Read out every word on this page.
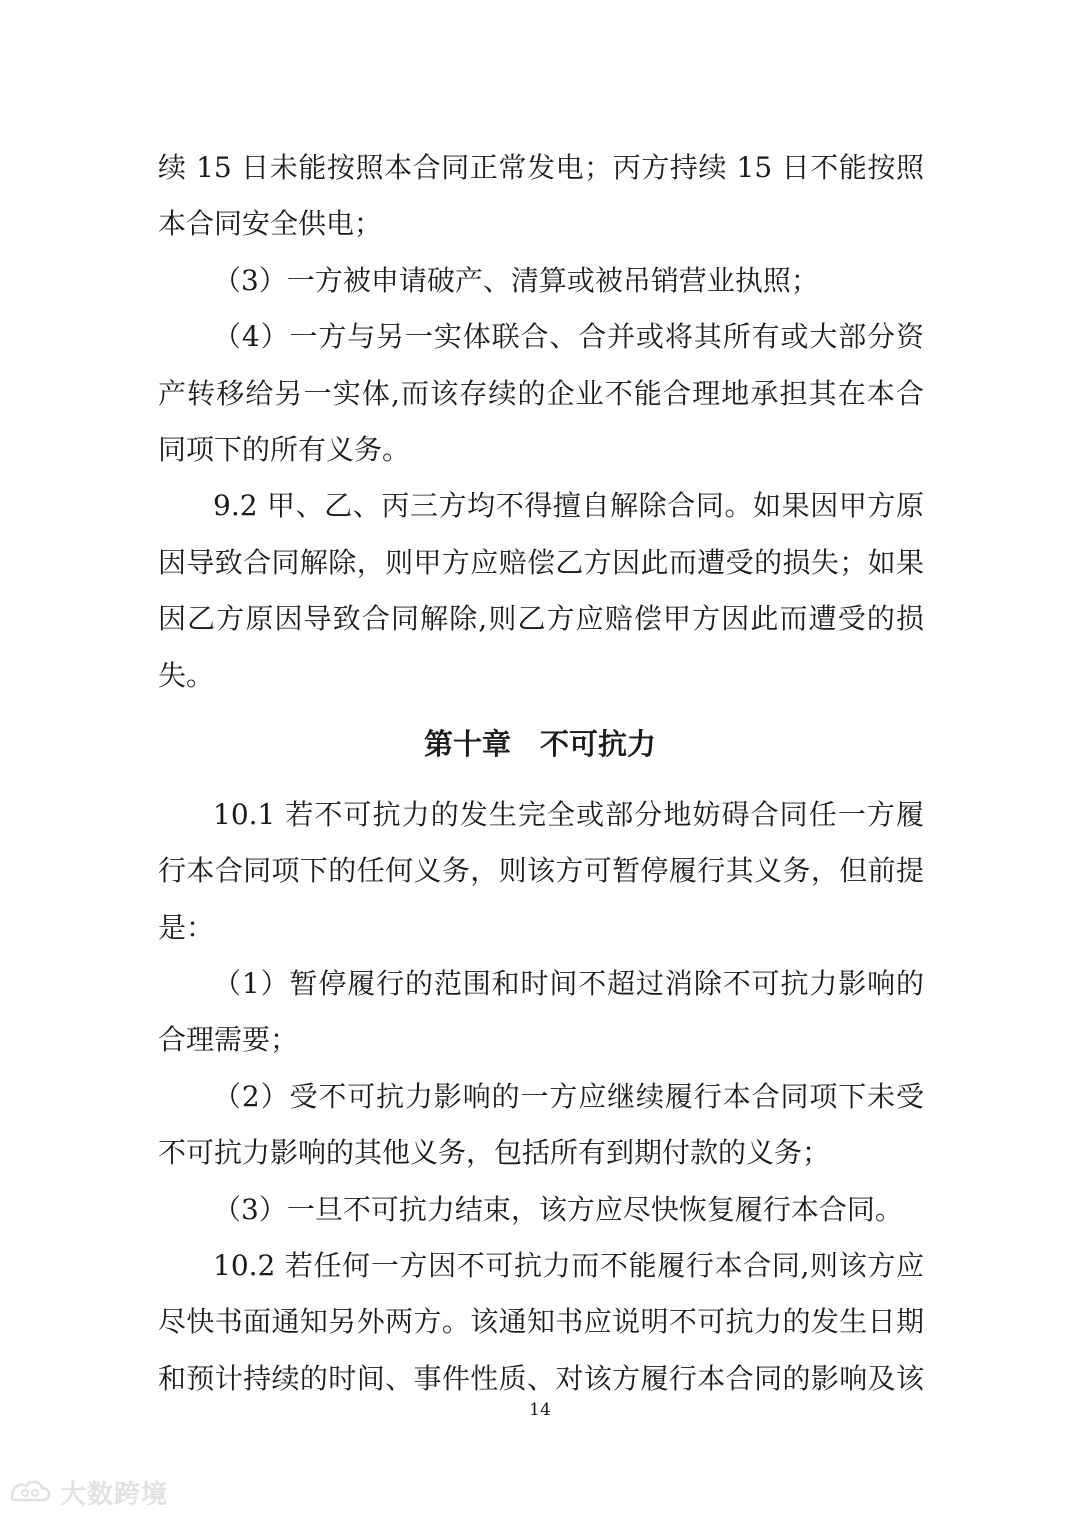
续 15 日未能按照本合同正常发电；丙方持续 15 日不能按照
本合同安全供电；
（3）一方被申请破产、清算或被吊销营业执照；
（4）一方与另一实体联合、合并或将其所有或大部分资
产转移给另一实体,而该存续的企业不能合理地承担其在本合
同项下的所有义务。
9.2 甲、乙、丙三方均不得擅自解除合同。如果因甲方原
因导致合同解除，则甲方应赔偿乙方因此而遭受的损失；如果
因乙方原因导致合同解除,则乙方应赔偿甲方因此而遭受的损
失。
第十章　不可抗力
10.1 若不可抗力的发生完全或部分地妨碍合同任一方履
行本合同项下的任何义务，则该方可暂停履行其义务，但前提
是：
（1）暂停履行的范围和时间不超过消除不可抗力影响的
合理需要；
（2）受不可抗力影响的一方应继续履行本合同项下未受
不可抗力影响的其他义务，包括所有到期付款的义务；
（3）一旦不可抗力结束，该方应尽快恢复履行本合同。
10.2 若任何一方因不可抗力而不能履行本合同,则该方应
尽快书面通知另外两方。该通知书应说明不可抗力的发生日期
和预计持续的时间、事件性质、对该方履行本合同的影响及该
14
大数跨境
